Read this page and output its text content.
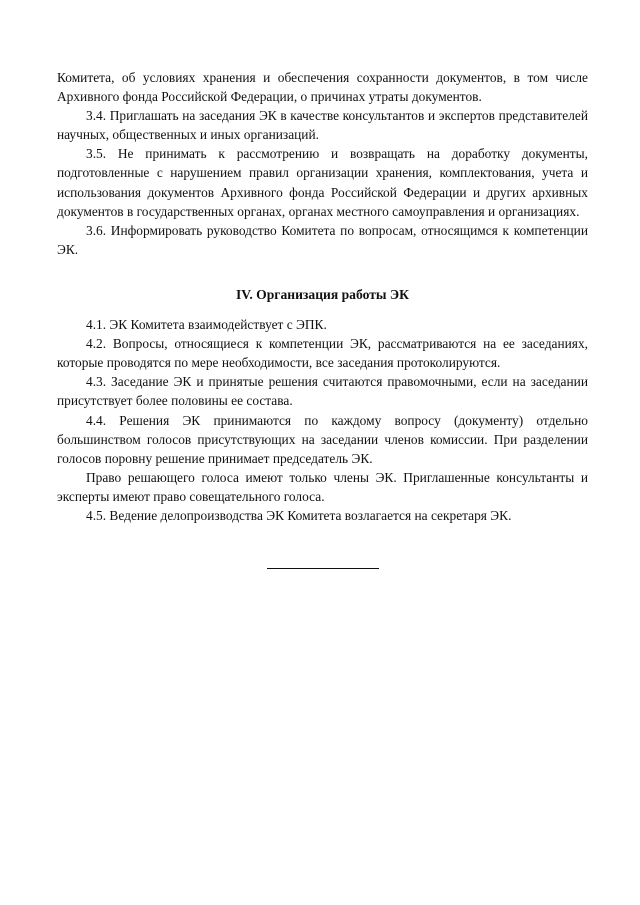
Комитета, об условиях хранения и обеспечения сохранности документов, в том числе Архивного фонда Российской Федерации, о причинах утраты документов.

3.4. Приглашать на заседания ЭК в качестве консультантов и экспертов представителей научных, общественных и иных организаций.

3.5. Не принимать к рассмотрению и возвращать на доработку документы, подготовленные с нарушением правил организации хранения, комплектования, учета и использования документов Архивного фонда Российской Федерации и других архивных документов в государственных органах, органах местного самоуправления и организациях.

3.6. Информировать руководство Комитета по вопросам, относящимся к компетенции ЭК.

IV. Организация работы ЭК

4.1. ЭК Комитета взаимодействует с ЭПК.

4.2. Вопросы, относящиеся к компетенции ЭК, рассматриваются на ее заседаниях, которые проводятся по мере необходимости, все заседания протоколируются.

4.3. Заседание ЭК и принятые решения считаются правомочными, если на заседании присутствует более половины ее состава.

4.4. Решения ЭК принимаются по каждому вопросу (документу) отдельно большинством голосов присутствующих на заседании членов комиссии. При разделении голосов поровну решение принимает председатель ЭК.

Право решающего голоса имеют только члены ЭК. Приглашенные консультанты и эксперты имеют право совещательного голоса.

4.5. Ведение делопроизводства ЭК Комитета возлагается на секретаря ЭК.
